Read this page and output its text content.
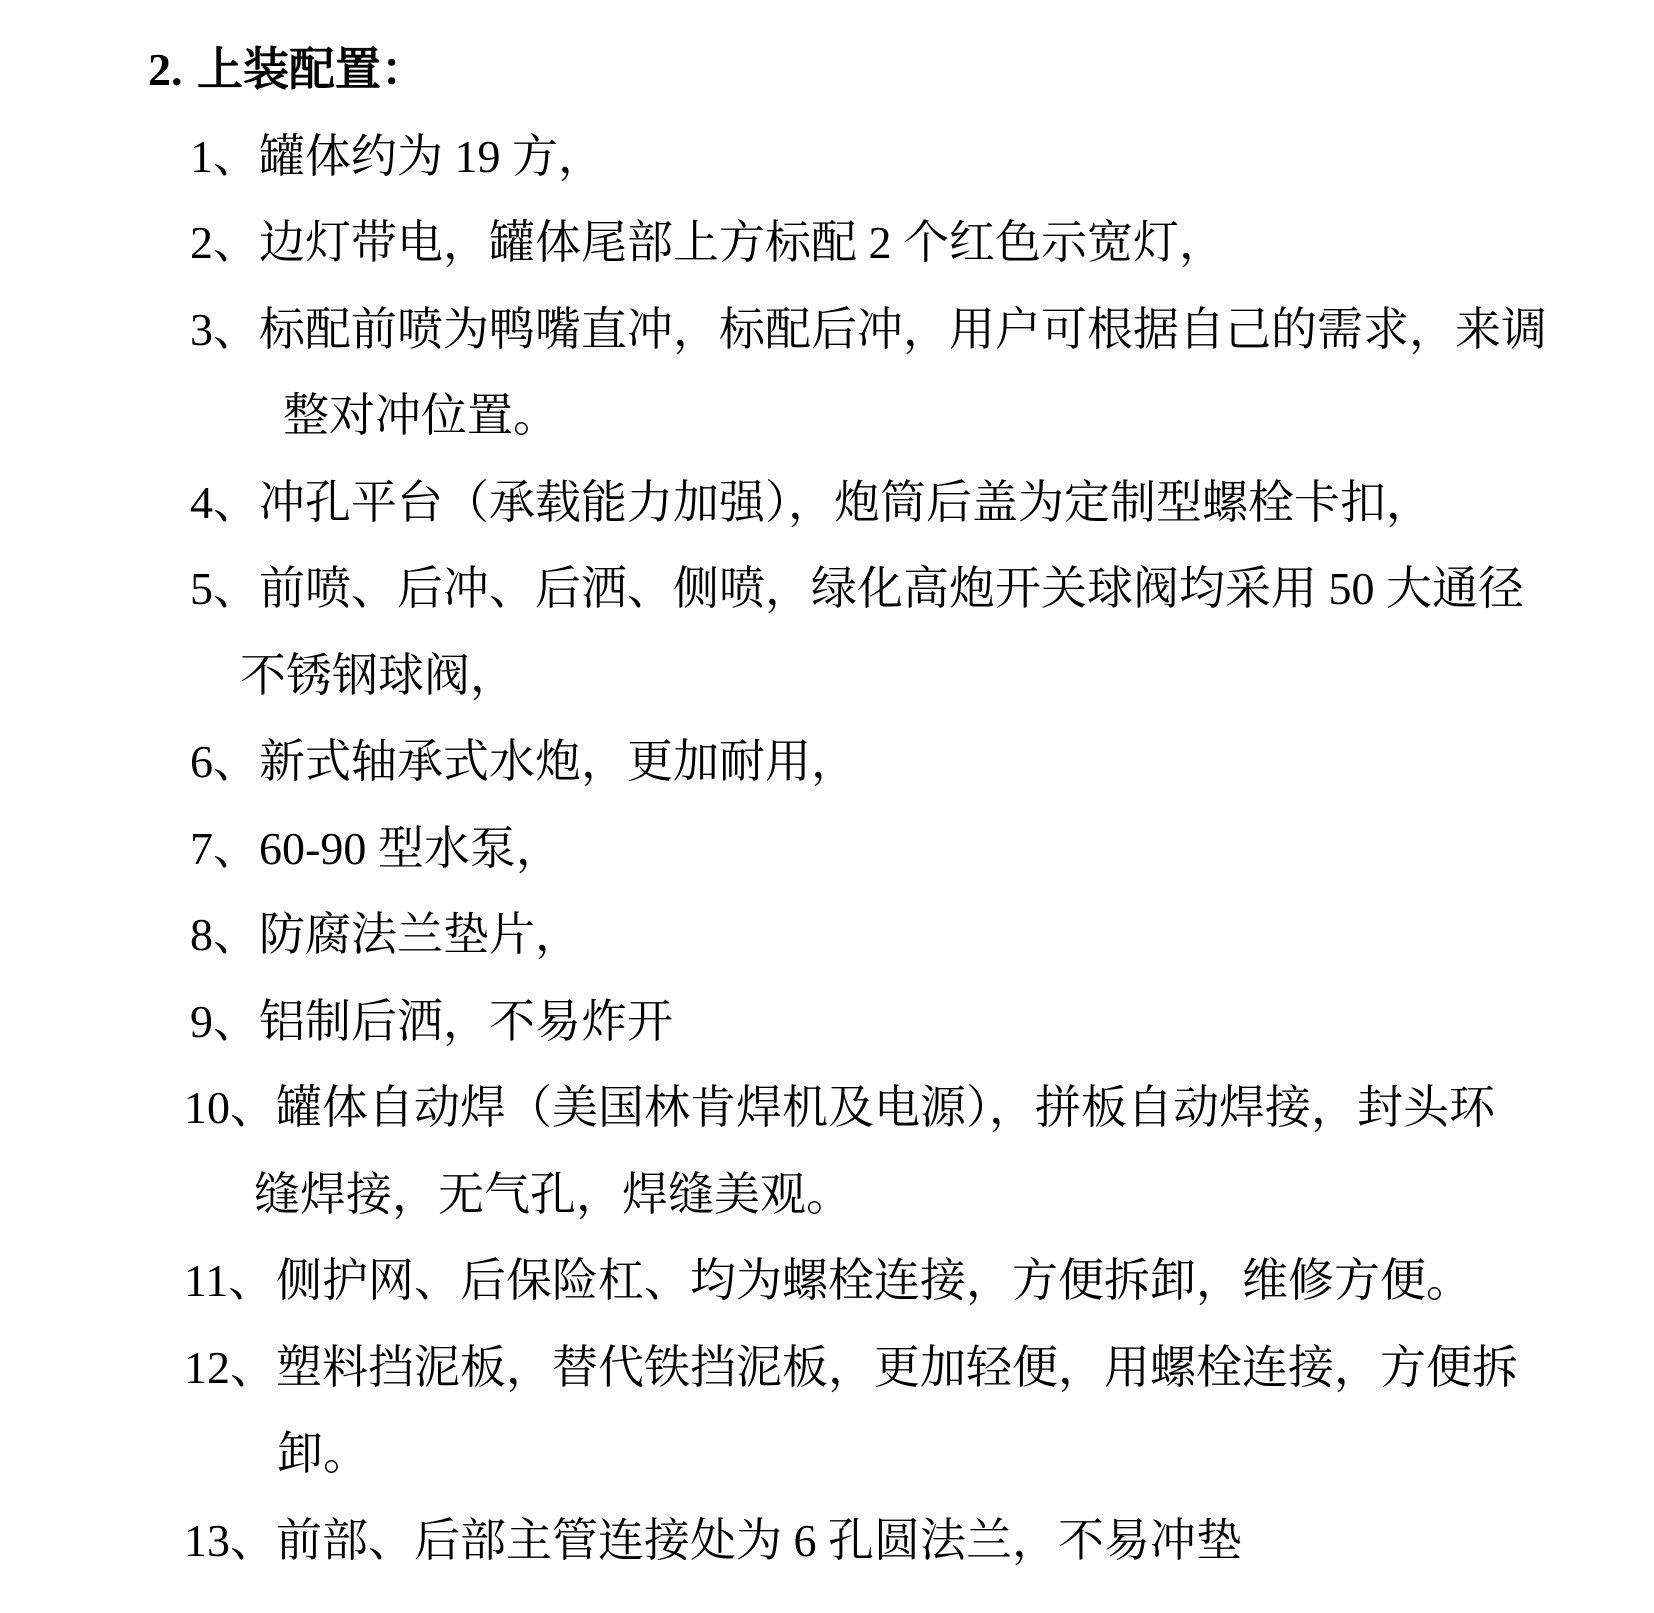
2. 上装配置：
1、罐体约为 19 方，
2、边灯带电，罐体尾部上方标配 2 个红色示宽灯，
3、标配前喷为鸭嘴直冲，标配后冲，用户可根据自己的需求，来调
整对冲位置。
4、冲孔平台（承载能力加强），炮筒后盖为定制型螺栓卡扣，
5、前喷、后冲、后洒、侧喷，绿化高炮开关球阀均采用 50 大通径
不锈钢球阀，
6、新式轴承式水炮，更加耐用，
7、60-90 型水泵，
8、防腐法兰垫片，
9、铝制后洒，不易炸开
10、罐体自动焊（美国林肯焊机及电源），拼板自动焊接，封头环
缝焊接，无气孔，焊缝美观。
11、侧护网、后保险杠、均为螺栓连接，方便拆卸，维修方便。
12、塑料挡泥板，替代铁挡泥板，更加轻便，用螺栓连接，方便拆
卸。
13、前部、后部主管连接处为 6 孔圆法兰，不易冲垫
